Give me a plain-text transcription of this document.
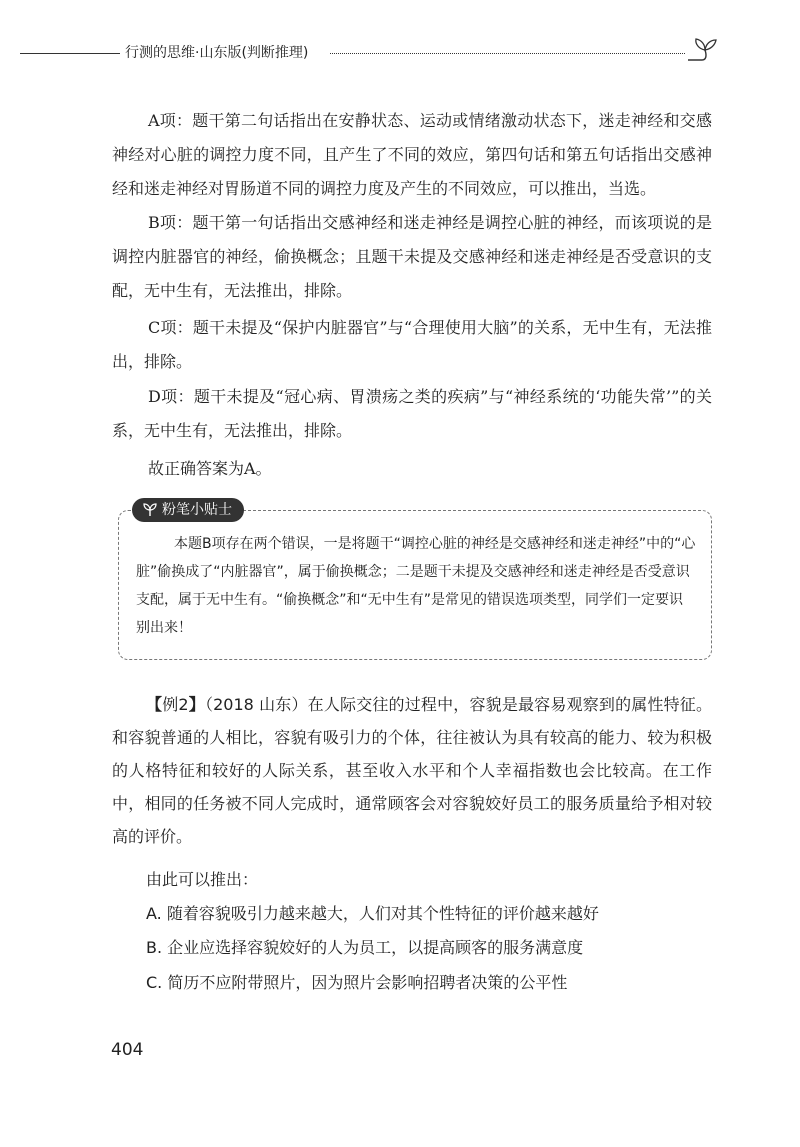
行测的思维·山东版(判断推理)

A项：题干第二句话指出在安静状态、运动或情绪激动状态下，迷走神经和交感神经对心脏的调控力度不同，且产生了不同的效应，第四句话和第五句话指出交感神经和迷走神经对胃肠道不同的调控力度及产生的不同效应，可以推出，当选。

B项：题干第一句话指出交感神经和迷走神经是调控心脏的神经，而该项说的是调控内脏器官的神经，偷换概念；且题干未提及交感神经和迷走神经是否受意识的支配，无中生有，无法推出，排除。

C项：题干未提及“保护内脏器官”与“合理使用大脑”的关系，无中生有，无法推出，排除。

D项：题干未提及“冠心病、胃溃疡之类的疾病”与“神经系统的‘功能失常’”的关系，无中生有，无法推出，排除。

故正确答案为A。

粉笔小贴士

本题B项存在两个错误，一是将题干“调控心脏的神经是交感神经和迷走神经”中的“心脏”偷换成了“内脏器官”，属于偷换概念；二是题干未提及交感神经和迷走神经是否受意识支配，属于无中生有。“偷换概念”和“无中生有”是常见的错误选项类型，同学们一定要识别出来！

【例2】（2018 山东）在人际交往的过程中，容貌是最容易观察到的属性特征。和容貌普通的人相比，容貌有吸引力的个体，往往被认为具有较高的能力、较为积极的人格特征和较好的人际关系，甚至收入水平和个人幸福指数也会比较高。在工作中，相同的任务被不同人完成时，通常顾客会对容貌姣好员工的服务质量给予相对较高的评价。

由此可以推出：

A. 随着容貌吸引力越来越大，人们对其个性特征的评价越来越好

B. 企业应选择容貌姣好的人为员工，以提高顾客的服务满意度

C. 简历不应附带照片，因为照片会影响招聘者决策的公平性

404
